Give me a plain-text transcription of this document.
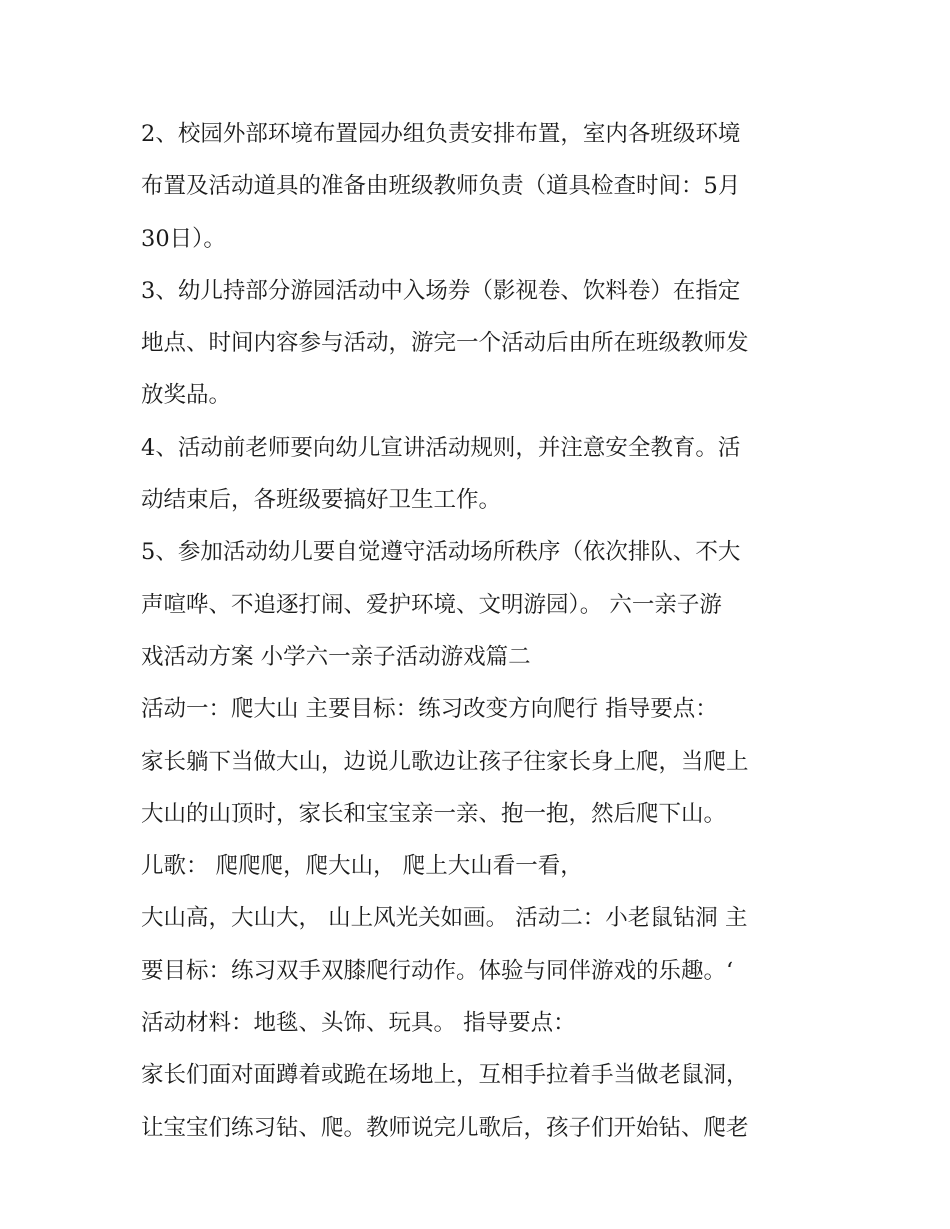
2、校园外部环境布置园办组负责安排布置，室内各班级环境
布置及活动道具的准备由班级教师负责（道具检查时间：5月
30日）。
3、幼儿持部分游园活动中入场券（影视卷、饮料卷）在指定
地点、时间内容参与活动，游完一个活动后由所在班级教师发
放奖品。
4、活动前老师要向幼儿宣讲活动规则，并注意安全教育。活
动结束后，各班级要搞好卫生工作。
5、参加活动幼儿要自觉遵守活动场所秩序（依次排队、不大
声喧哗、不追逐打闹、爱护环境、文明游园）。 六一亲子游
戏活动方案 小学六一亲子活动游戏篇二
活动一：爬大山 主要目标：练习改变方向爬行 指导要点：
家长躺下当做大山，边说儿歌边让孩子往家长身上爬，当爬上
大山的山顶时，家长和宝宝亲一亲、抱一抱，然后爬下山。
儿歌： 爬爬爬，爬大山， 爬上大山看一看，
大山高，大山大， 山上风光关如画。 活动二：小老鼠钻洞 主
要目标：练习双手双膝爬行动作。体验与同伴游戏的乐趣。‘
活动材料：地毯、头饰、玩具。 指导要点：
家长们面对面蹲着或跪在场地上，互相手拉着手当做老鼠洞，
让宝宝们练习钻、爬。教师说完儿歌后，孩子们开始钻、爬老
